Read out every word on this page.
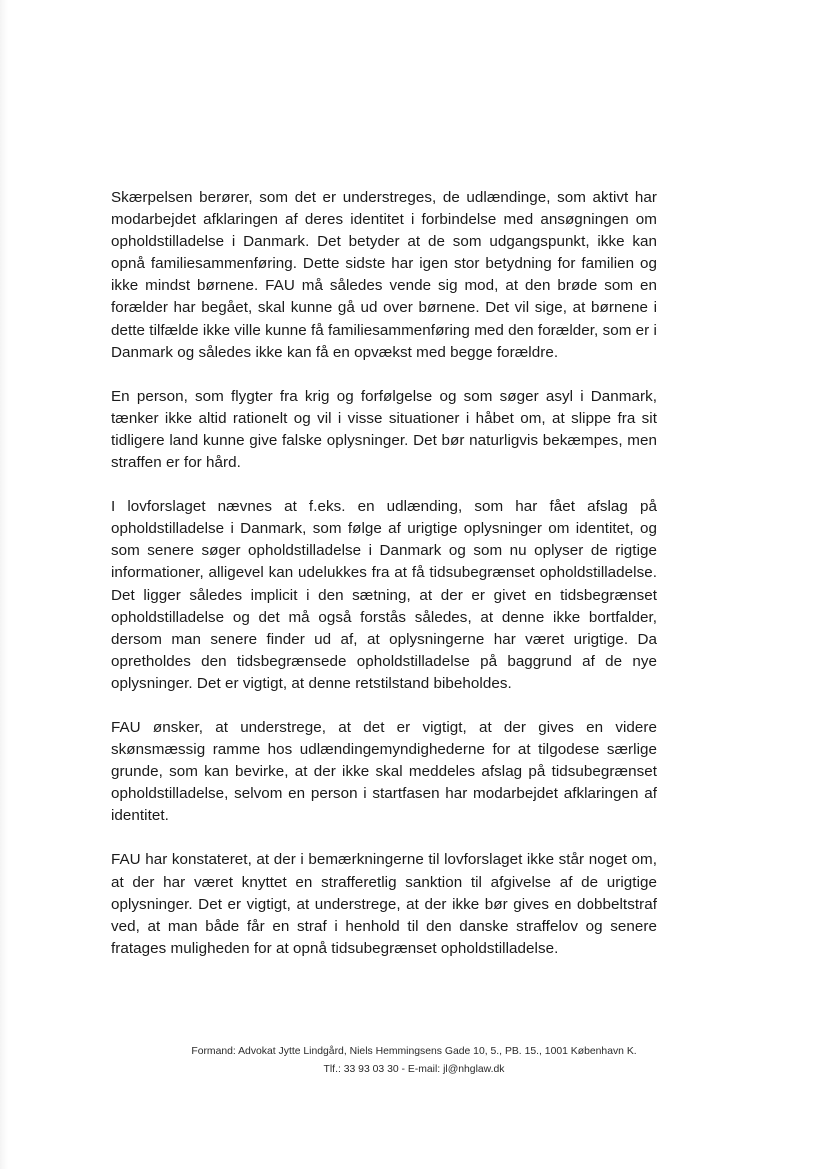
Skærpelsen berører, som det er understreges, de udlændinge, som aktivt har modarbejdet afklaringen af deres identitet i forbindelse med ansøgningen om opholdstilladelse i Danmark. Det betyder at de som udgangspunkt, ikke kan opnå familiesammenføring. Dette sidste har igen stor betydning for familien og ikke mindst børnene. FAU må således vende sig mod, at den brøde som en forælder har begået, skal kunne gå ud over børnene. Det vil sige, at børnene i dette tilfælde ikke ville kunne få familiesammenføring med den forælder, som er i Danmark og således ikke kan få en opvækst med begge forældre.

En person, som flygter fra krig og forfølgelse og som søger asyl i Danmark, tænker ikke altid rationelt og vil i visse situationer i håbet om, at slippe fra sit tidligere land kunne give falske oplysninger. Det bør naturligvis bekæmpes, men straffen er for hård.

I lovforslaget nævnes at f.eks. en udlænding, som har fået afslag på opholdstilladelse i Danmark, som følge af urigtige oplysninger om identitet, og som senere søger opholdstilladelse i Danmark og som nu oplyser de rigtige informationer, alligevel kan udelukkes fra at få tidsubegrænset opholdstilladelse. Det ligger således implicit i den sætning, at der er givet en tidsbegrænset opholdstilladelse og det må også forstås således, at denne ikke bortfalder, dersom man senere finder ud af, at oplysningerne har været urigtige. Da opretholdes den tidsbegrænsede opholdstilladelse på baggrund af de nye oplysninger. Det er vigtigt, at denne retstilstand bibeholdes.

FAU ønsker, at understrege, at det er vigtigt, at der gives en videre skønsmæssig ramme hos udlændingemyndighederne for at tilgodese særlige grunde, som kan bevirke, at der ikke skal meddeles afslag på tidsubegrænset opholdstilladelse, selvom en person i startfasen har modarbejdet afklaringen af identitet.

FAU har konstateret, at der i bemærkningerne til lovforslaget ikke står noget om, at der har været knyttet en strafferetlig sanktion til afgivelse af de urigtige oplysninger. Det er vigtigt, at understrege, at der ikke bør gives en dobbeltstraf ved, at man både får en straf i henhold til den danske straffelov og senere fratages muligheden for at opnå tidsubegrænset opholdstilladelse.

Formand: Advokat Jytte Lindgård, Niels Hemmingsens Gade 10, 5., PB. 15., 1001 København K.
Tlf.: 33 93 03 30 - E-mail: jl@nhglaw.dk
